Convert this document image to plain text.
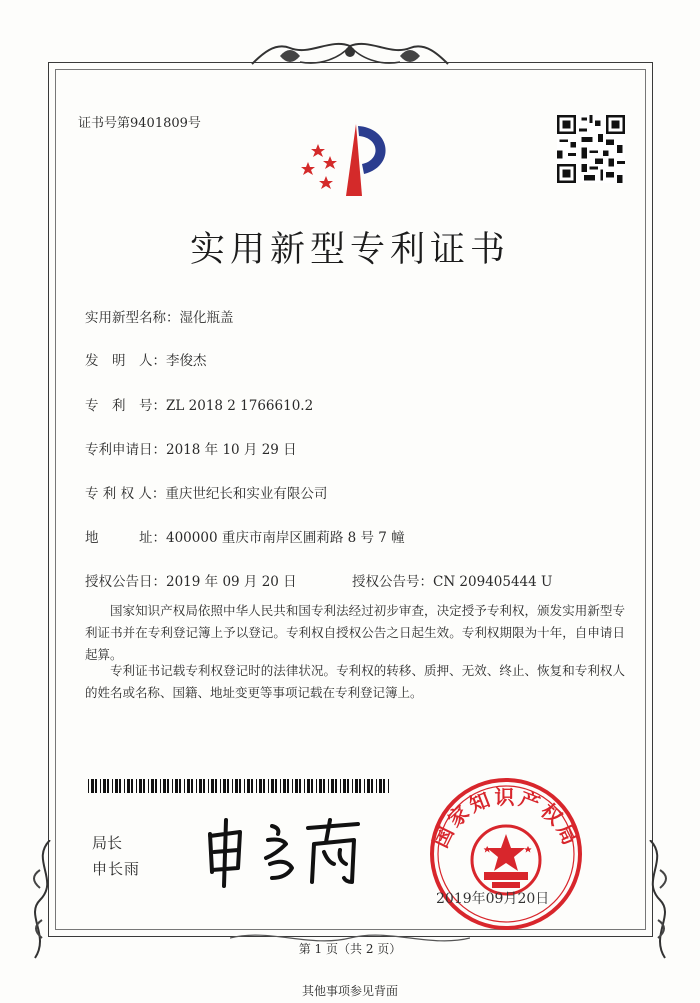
证书号第9401809号
实用新型专利证书
实用新型名称：湿化瓶盖
发　明　人：李俊杰
专　利　号：ZL 2018 2 1766610.2
专利申请日：2018 年 10 月 29 日
专 利 权 人：重庆世纪长和实业有限公司
地　　　址：400000 重庆市南岸区圃莉路 8 号 7 幢
授权公告日：2019 年 09 月 20 日	授权公告号：CN 209405444 U
国家知识产权局依照中华人民共和国专利法经过初步审查，决定授予专利权，颁发实用新型专利证书并在专利登记簿上予以登记。专利权自授权公告之日起生效。专利权期限为十年，自申请日起算。
专利证书记载专利权登记时的法律状况。专利权的转移、质押、无效、终止、恢复和专利权人的姓名或名称、国籍、地址变更等事项记载在专利登记簿上。
局长
申长雨
国家知识产权局
2019年09月20日
第 1 页（共 2 页）
其他事项参见背面
